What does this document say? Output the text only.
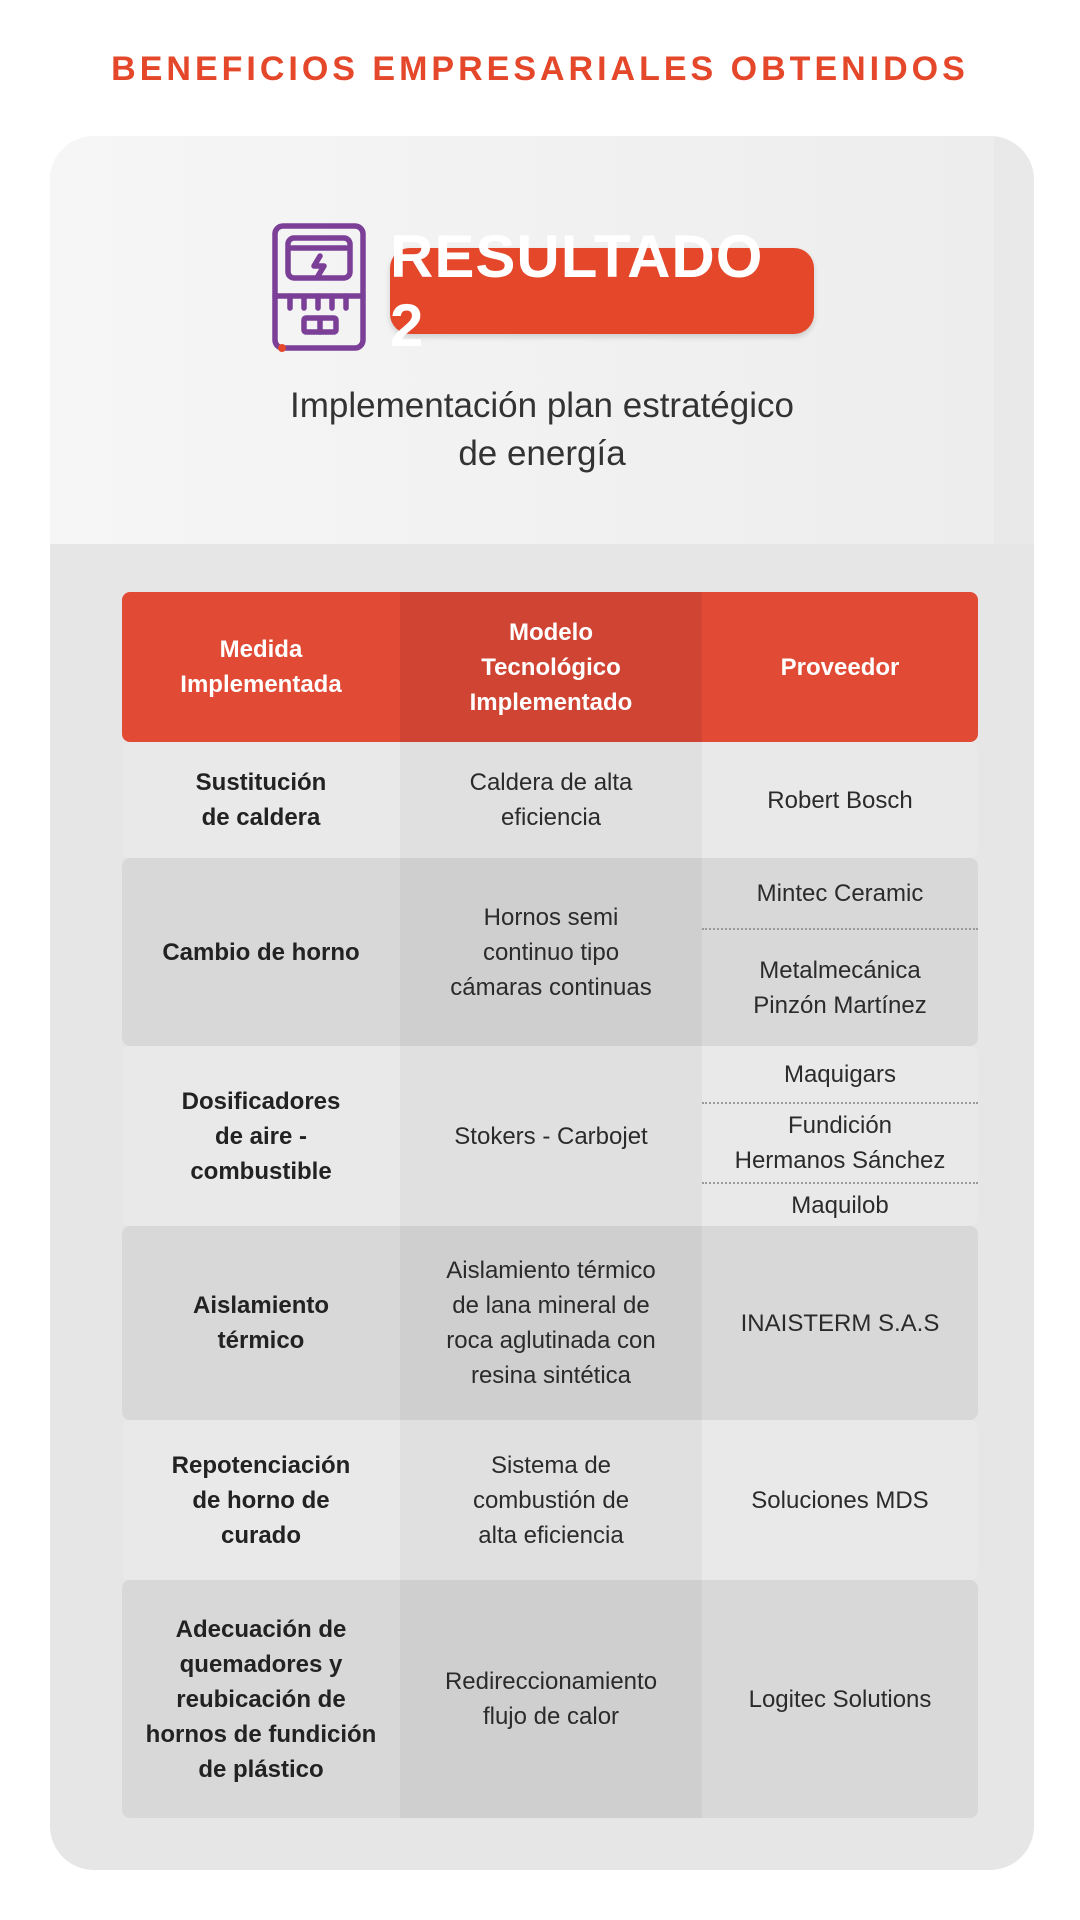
BENEFICIOS EMPRESARIALES OBTENIDOS
RESULTADO 2
Implementación plan estratégico
de energía
Medida
Implementada
Modelo
Tecnológico
Implementado
Proveedor
Sustitución
de caldera
Caldera de alta
eficiencia
Robert Bosch
Cambio de horno
Hornos semi
continuo tipo
cámaras continuas
Mintec Ceramic
Metalmecánica
Pinzón Martínez
Dosificadores
de aire -
combustible
Stokers - Carbojet
Maquigars
Fundición
Hermanos Sánchez
Maquilob
Aislamiento
térmico
Aislamiento térmico
de lana mineral de
roca aglutinada con
resina sintética
INAISTERM S.A.S
Repotenciación
de horno de
curado
Sistema de
combustión de
alta eficiencia
Soluciones MDS
Adecuación de
quemadores y
reubicación de
hornos de fundición
de plástico
Redireccionamiento
flujo de calor
Logitec Solutions
